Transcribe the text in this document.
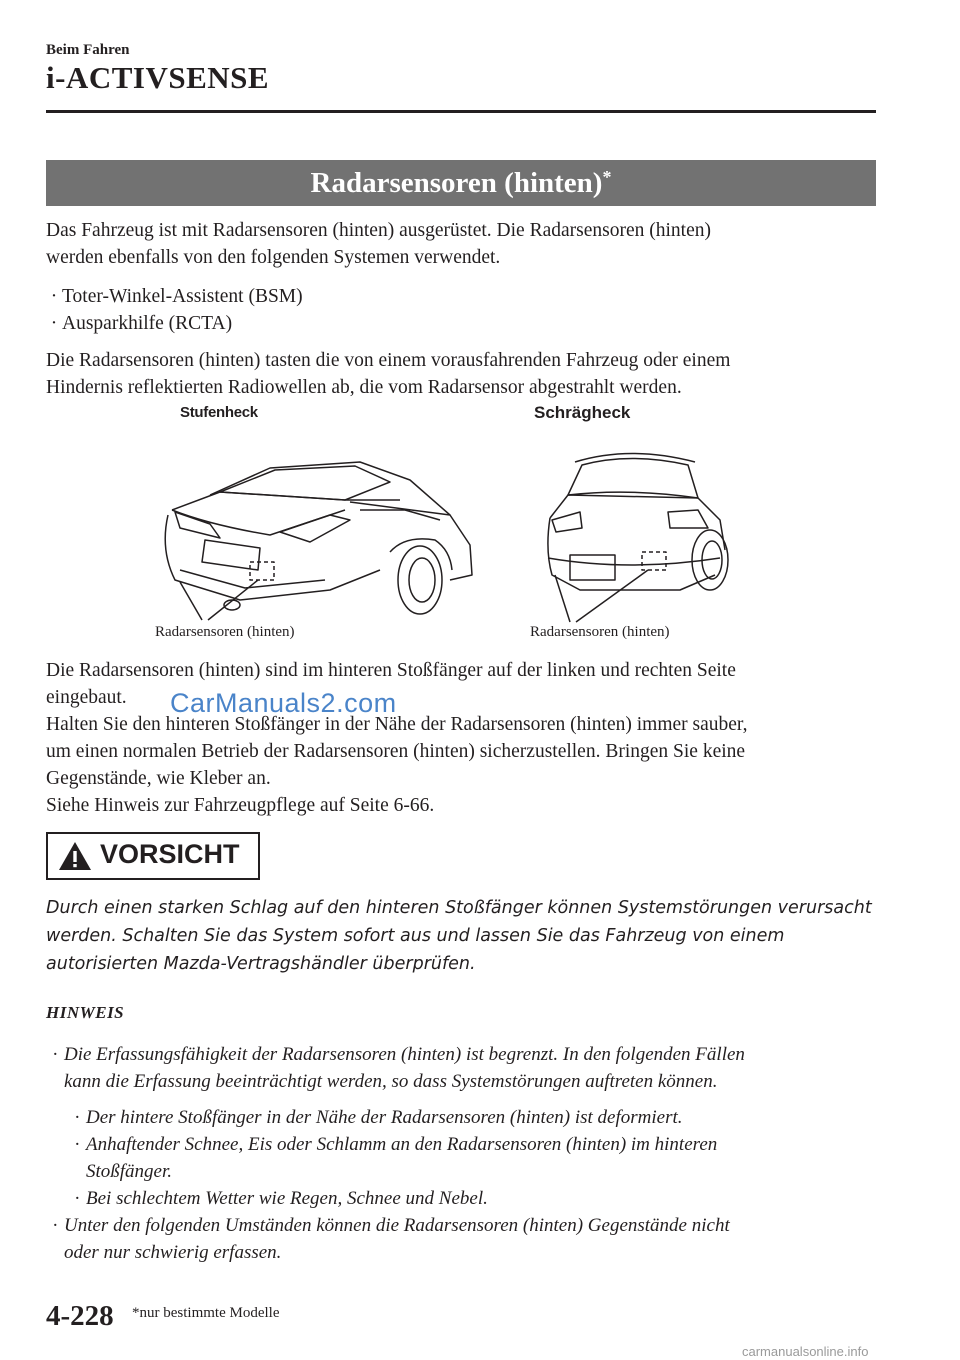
Beim Fahren
i-ACTIVSENSE
Radarsensoren (hinten)*
Das Fahrzeug ist mit Radarsensoren (hinten) ausgerüstet. Die Radarsensoren (hinten)
werden ebenfalls von den folgenden Systemen verwendet.
· Toter-Winkel-Assistent (BSM)
· Ausparkhilfe (RCTA)
Die Radarsensoren (hinten) tasten die von einem vorausfahrenden Fahrzeug oder einem
Hindernis reflektierten Radiowellen ab, die vom Radarsensor abgestrahlt werden.
Stufenheck	Schrägheck
Radarsensoren (hinten)	Radarsensoren (hinten)
Die Radarsensoren (hinten) sind im hinteren Stoßfänger auf der linken und rechten Seite
eingebaut.
Halten Sie den hinteren Stoßfänger in der Nähe der Radarsensoren (hinten) immer sauber,
um einen normalen Betrieb der Radarsensoren (hinten) sicherzustellen. Bringen Sie keine
Gegenstände, wie Kleber an.
Siehe Hinweis zur Fahrzeugpflege auf Seite 6-66.
VORSICHT
Durch einen starken Schlag auf den hinteren Stoßfänger können Systemstörungen verursacht
werden. Schalten Sie das System sofort aus und lassen Sie das Fahrzeug von einem
autorisierten Mazda-Vertragshändler überprüfen.
HINWEIS
· Die Erfassungsfähigkeit der Radarsensoren (hinten) ist begrenzt. In den folgenden Fällen
kann die Erfassung beeinträchtigt werden, so dass Systemstörungen auftreten können.
· Der hintere Stoßfänger in der Nähe der Radarsensoren (hinten) ist deformiert.
· Anhaftender Schnee, Eis oder Schlamm an den Radarsensoren (hinten) im hinteren
Stoßfänger.
· Bei schlechtem Wetter wie Regen, Schnee und Nebel.
· Unter den folgenden Umständen können die Radarsensoren (hinten) Gegenstände nicht
oder nur schwierig erfassen.
4-228 *nur bestimmte Modelle
CarManuals2.com
carmanualsonline.info
